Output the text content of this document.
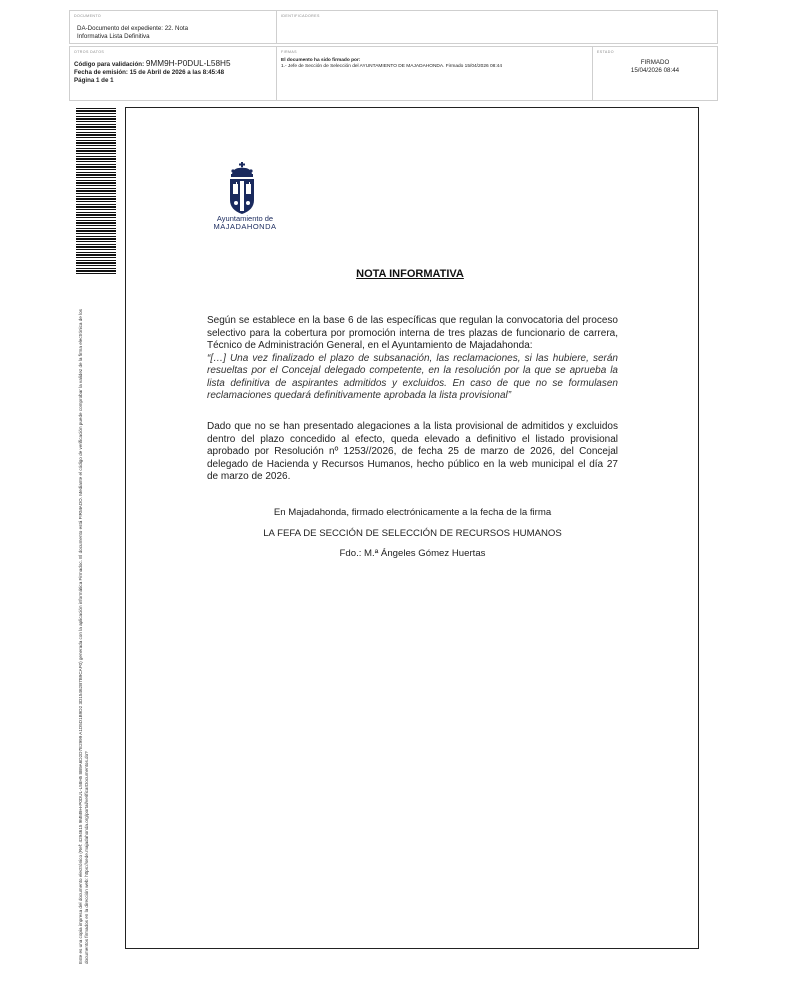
DOCUMENTO
DA-Documento del expediente: 22. Nota Informativa Lista Definitiva
IDENTIFICADORES
OTROS DATOS
Código para validación: 9MM9H-P0DUL-L58H5
Fecha de emisión: 15 de Abril de 2026 a las 8:45:48
Página 1 de 1
FIRMAS
El documento ha sido firmado por:
1.- Jefe de Sección de Selección del AYUNTAMIENTO DE MAJADAHONDA. Firmado 15/04/2026 08:44
ESTADO
FIRMADO
15/04/2026 08:44
Este es una copia impresa del documento electrónico (Ref: 4294615 9MM9H-P0DUL-L58H5 8B9A6D2D7E2999 A1D5D1B9D2 3D15462B7B9CAF0) generada con la aplicación informática Firmadoc. El documento está FIRMADO. Mediante el código de verificación puede comprobar la validez de la firma electrónica de los documentos firmados en la dirección web: https://sede.majadahonda.org/portal/verificarDocumentos.do?
Ayuntamiento de
MAJADAHONDA
NOTA INFORMATIVA
Según se establece en la base 6 de las específicas que regulan la convocatoria del proceso selectivo para la cobertura por promoción interna de tres plazas de funcionario de carrera, Técnico de Administración General, en el Ayuntamiento de Majadahonda:
“[…] Una vez finalizado el plazo de subsanación, las reclamaciones, si las hubiere, serán resueltas por el Concejal delegado competente, en la resolución por la que se aprueba la lista definitiva de aspirantes admitidos y excluidos. En caso de que no se formulasen reclamaciones quedará definitivamente aprobada la lista provisional”
Dado que no se han presentado alegaciones a la lista provisional de admitidos y excluidos dentro del plazo concedido al efecto, queda elevado a definitivo el listado provisional aprobado por Resolución nº 1253//2026, de fecha 25 de marzo de 2026, del Concejal delegado de Hacienda y Recursos Humanos, hecho público en la web municipal el día 27 de marzo de 2026.
En Majadahonda, firmado electrónicamente a la fecha de la firma
LA FEFA DE SECCIÓN DE SELECCIÓN DE RECURSOS HUMANOS
Fdo.: M.ª Ángeles Gómez Huertas
